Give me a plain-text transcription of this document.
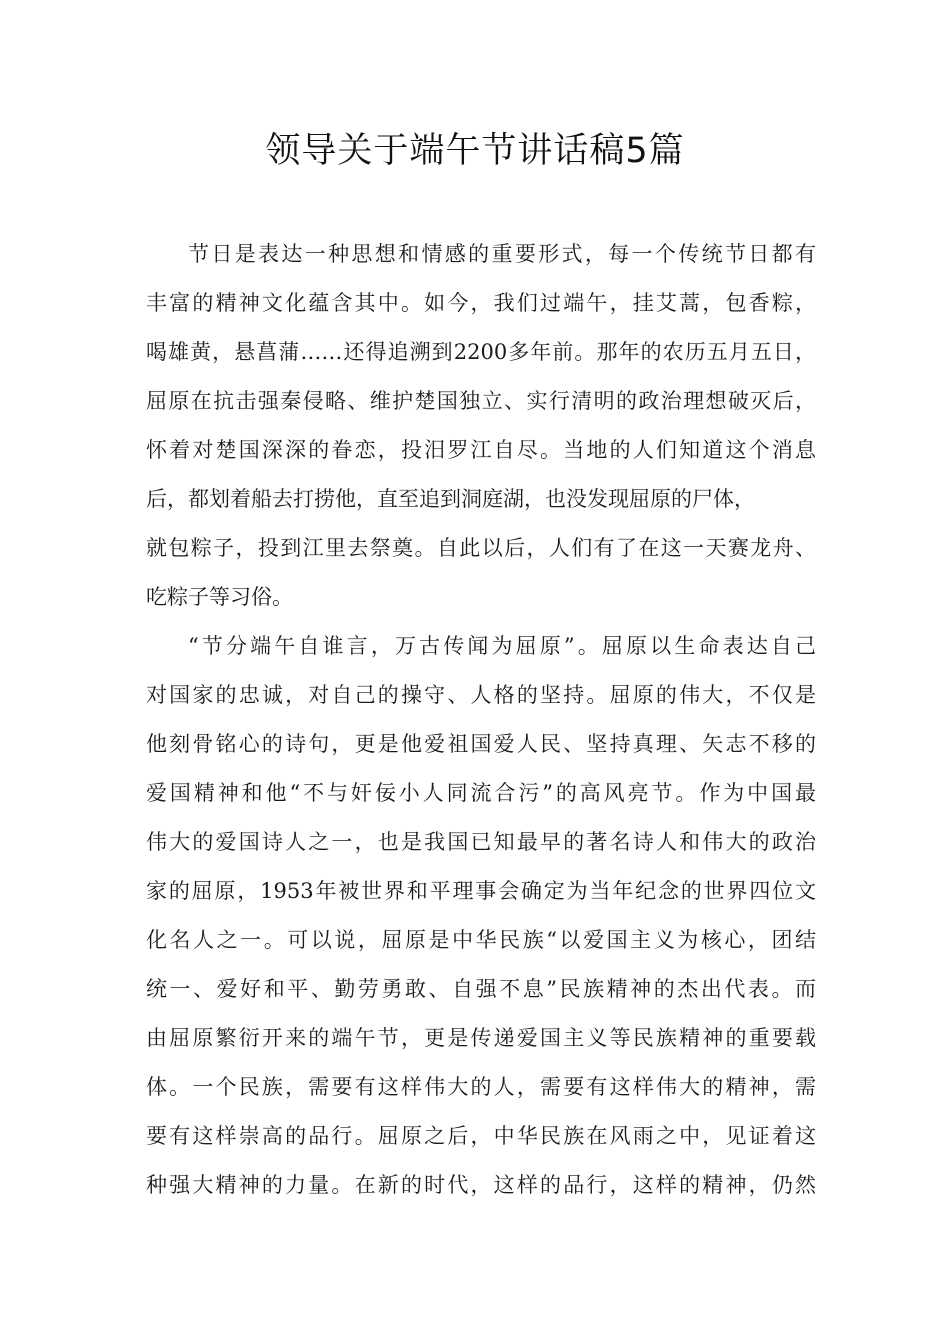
领导关于端午节讲话稿5篇
节日是表达一种思想和情感的重要形式，每一个传统节日都有
丰富的精神文化蕴含其中。如今，我们过端午，挂艾蒿，包香粽，
喝雄黄，悬菖蒲……还得追溯到2200多年前。那年的农历五月五日，
屈原在抗击强秦侵略、维护楚国独立、实行清明的政治理想破灭后，
怀着对楚国深深的眷恋，投汨罗江自尽。当地的人们知道这个消息
后，都划着船去打捞他，直至追到洞庭湖，也没发现屈原的尸体，
就包粽子，投到江里去祭奠。自此以后，人们有了在这一天赛龙舟、
吃粽子等习俗。
“节分端午自谁言，万古传闻为屈原”。屈原以生命表达自己
对国家的忠诚，对自己的操守、人格的坚持。屈原的伟大，不仅是
他刻骨铭心的诗句，更是他爱祖国爱人民、坚持真理、矢志不移的
爱国精神和他“不与奸佞小人同流合污”的高风亮节。作为中国最
伟大的爱国诗人之一，也是我国已知最早的著名诗人和伟大的政治
家的屈原，1953年被世界和平理事会确定为当年纪念的世界四位文
化名人之一。可以说，屈原是中华民族“以爱国主义为核心，团结
统一、爱好和平、勤劳勇敢、自强不息”民族精神的杰出代表。而
由屈原繁衍开来的端午节，更是传递爱国主义等民族精神的重要载
体。一个民族，需要有这样伟大的人，需要有这样伟大的精神，需
要有这样崇高的品行。屈原之后，中华民族在风雨之中，见证着这
种强大精神的力量。在新的时代，这样的品行，这样的精神，仍然
